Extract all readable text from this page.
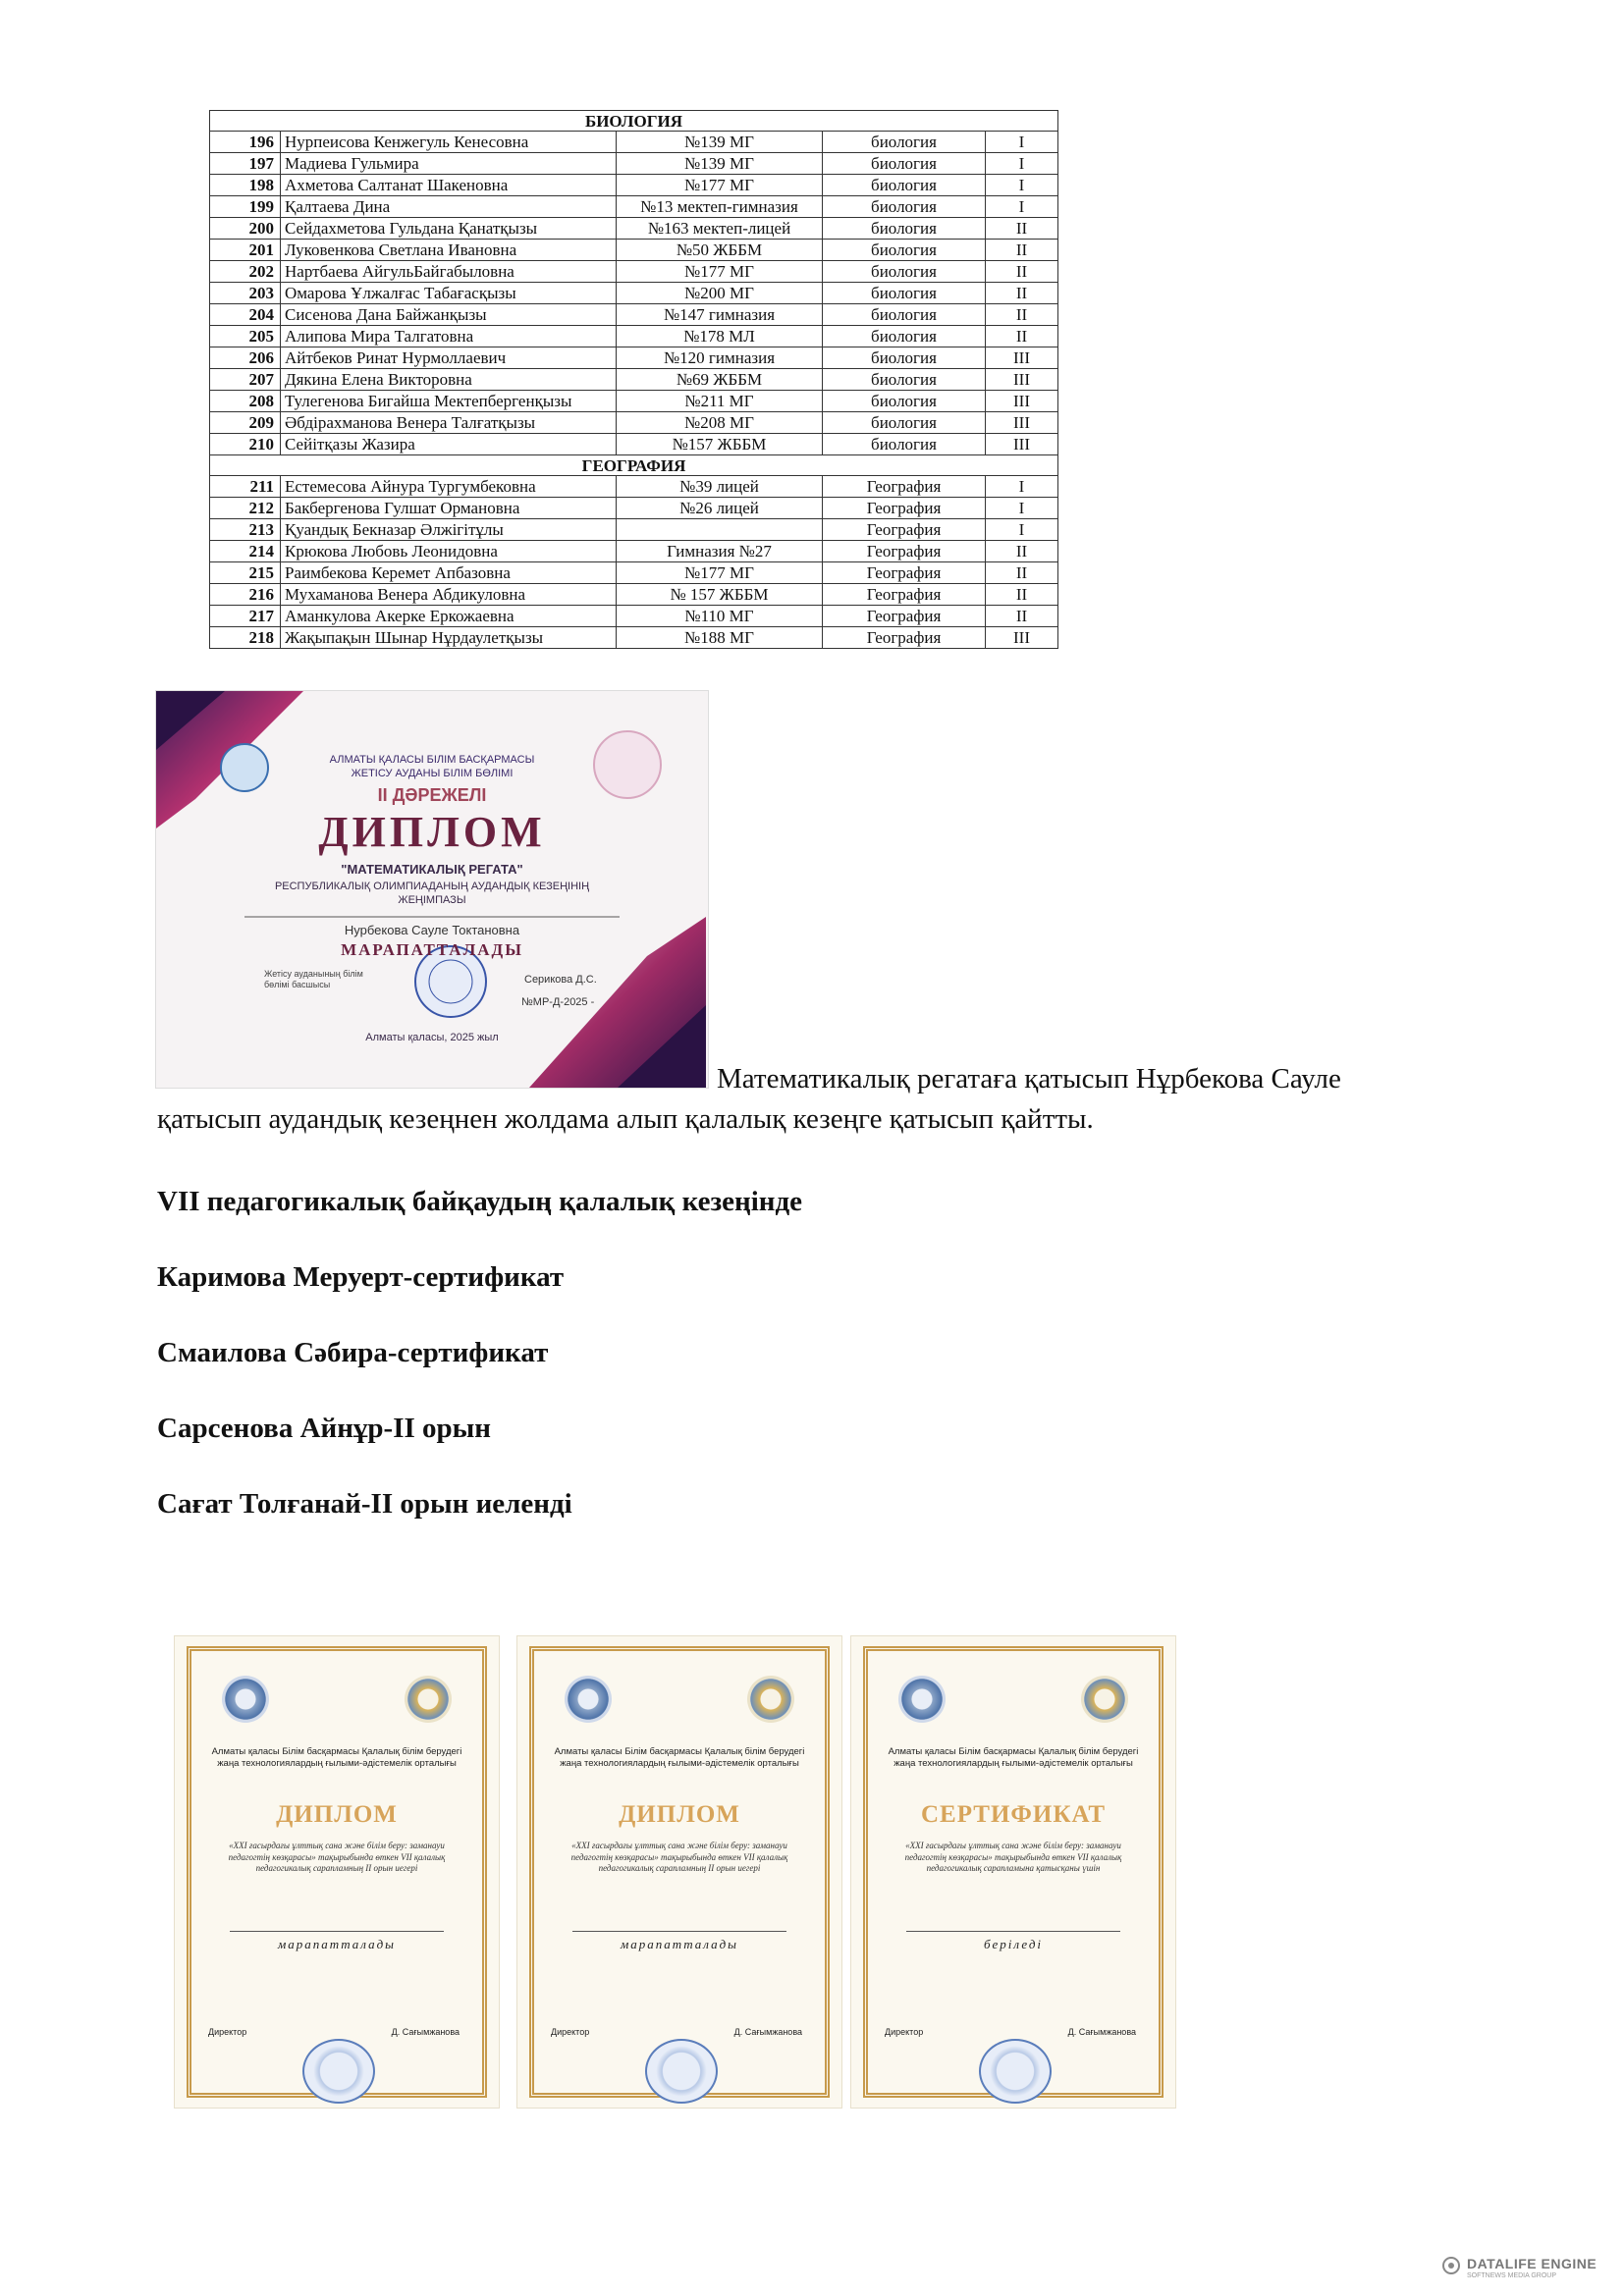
БИОЛОГИЯ				
196	Нурпеисова Кенжегуль Кенесовна	№139 МГ	биология	I
197	Мадиева Гульмира	№139 МГ	биология	I
198	Ахметова Салтанат Шакеновна	№177 МГ	биология	I
199	Қалтаева Дина	№13 мектеп-гимназия	биология	I
200	Сейдахметова Гульдана Қанатқызы	№163 мектеп-лицей	биология	II
201	Луковенкова Светлана Ивановна	№50 ЖББМ	биология	II
202	Нартбаева АйгульБайгабыловна	№177 МГ	биология	II
203	Омарова Ұлжалғас Табағасқызы	№200 МГ	биология	II
204	Сисенова Дана Байжанқызы	№147 гимназия	биология	II
205	Алипова Мира Талгатовна	№178 МЛ	биология	II
206	Айтбеков Ринат Нурмоллаевич	№120 гимназия	биология	III
207	Дякина Елена Викторовна	№69 ЖББМ	биология	III
208	Тулегенова Бигайша Мектепбергенқызы	№211 МГ	биология	III
209	Әбдірахманова Венера Талғатқызы	№208 МГ	биология	III
210	Сейітқазы Жазира	№157 ЖББМ	биология	III
ГЕОГРАФИЯ				
211	Естемесова Айнура Тургумбековна	№39 лицей	География	I
212	Бакбергенова Гулшат Ормановна	№26 лицей	География	I
213	Қуандық Бекназар Әлжігітұлы		География	I
214	Крюкова Любовь Леонидовна	Гимназия №27	География	II
215	Раимбекова Керемет Апбазовна	№177 МГ	География	II
216	Мухаманова Венера Абдикуловна	№ 157 ЖББМ	География	II
217	Аманкулова Акерке Еркожаевна	№110 МГ	География	II
218	Жақыпақын Шынар Нұрдаулетқызы	№188 МГ	География	III
АЛМАТЫ ҚАЛАСЫ БІЛІМ БАСҚАРМАСЫ
ЖЕТІСУ АУДАНЫ БІЛІМ БӨЛІМІ
II ДӘРЕЖЕЛІ
ДИПЛОМ
"МАТЕМАТИКАЛЫҚ РЕГАТА"
РЕСПУБЛИКАЛЫҚ ОЛИМПИАДАНЫҢ АУДАНДЫҚ КЕЗЕҢІНІҢ
ЖЕҢІМПАЗЫ
Нурбекова Сауле Токтановна
МАРАПАТТАЛАДЫ
Жетісу ауданының білім
бөлімі басшысы	Серикова Д.С.
№МР-Д-2025 -
Алматы қаласы, 2025 жыл
Математикалық регатаға қатысып Нұрбекова Сауле
қатысып аудандық кезеңнен жолдама алып қалалық кезеңге қатысып қайтты.
VII педагогикалық байқаудың қалалық кезеңінде
Каримова Меруерт-сертификат
Смаилова Сәбира-сертификат
Сарсенова Айнұр-II орын
Сағат Толғанай-II орын иеленді
Алматы қаласы Білім басқармасы Қалалық білім берудегі жаңа технологиялардың ғылыми-әдістемелік орталығы
ДИПЛОМ
«XXI ғасырдағы ұлттық сана және білім беру: заманауи педагогтің көзқарасы» тақырыбында өткен VII қалалық педагогикалық сарапламның II орын иегері
марапатталады
Директор	Д. Сағымжанова
Алматы қаласы Білім басқармасы Қалалық білім берудегі жаңа технологиялардың ғылыми-әдістемелік орталығы
ДИПЛОМ
«XXI ғасырдағы ұлттық сана және білім беру: заманауи педагогтің көзқарасы» тақырыбында өткен VII қалалық педагогикалық сарапламның II орын иегері
марапатталады
Директор	Д. Сағымжанова
Алматы қаласы Білім басқармасы Қалалық білім берудегі жаңа технологиялардың ғылыми-әдістемелік орталығы
СЕРТИФИКАТ
«XXI ғасырдағы ұлттық сана және білім беру: заманауи педагогтің көзқарасы» тақырыбында өткен VII қалалық педагогикалық сарапламына қатысқаны үшін
беріледі
Директор	Д. Сағымжанова
DATALIFE ENGINE
SOFTNEWS MEDIA GROUP
